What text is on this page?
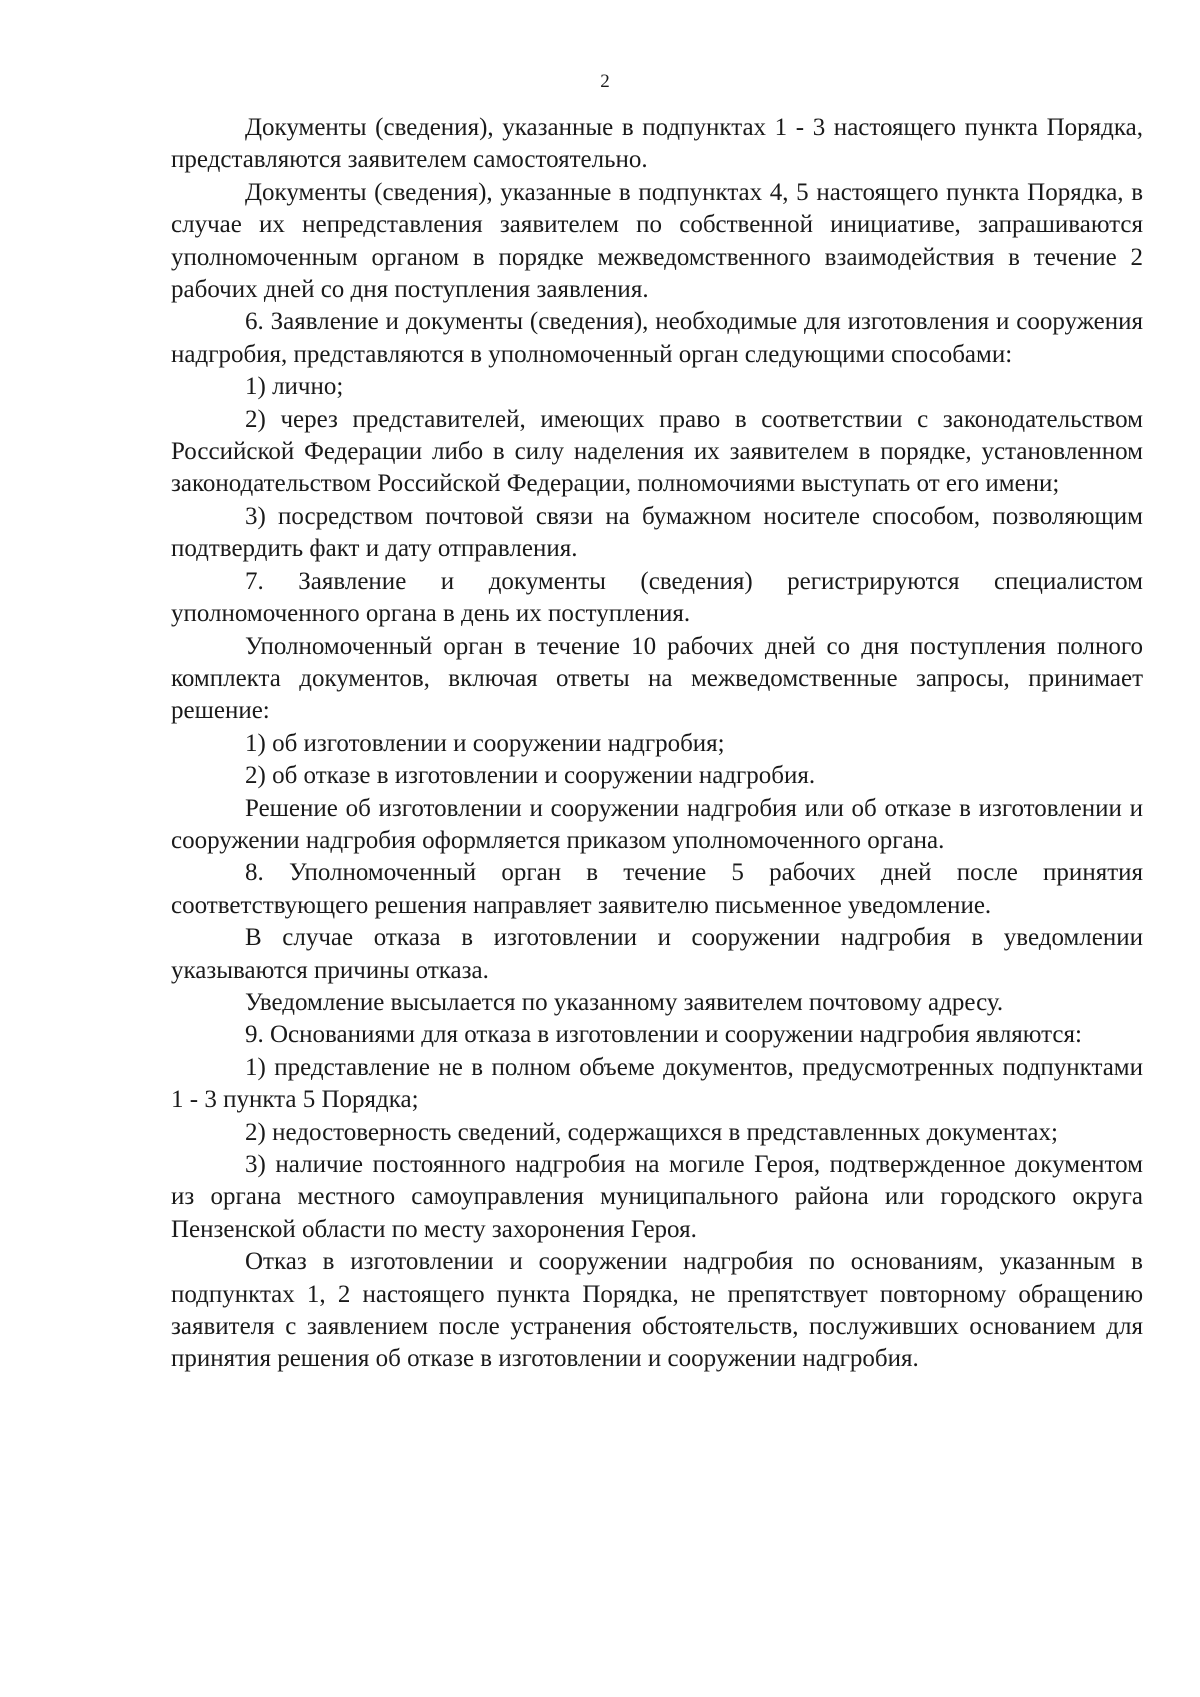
2

Документы (сведения), указанные в подпунктах 1 - 3 настоящего пункта Порядка, представляются заявителем самостоятельно.

Документы (сведения), указанные в подпунктах 4, 5 настоящего пункта Порядка, в случае их непредставления заявителем по собственной инициативе, запрашиваются уполномоченным органом в порядке межведомственного взаимодействия в течение 2 рабочих дней со дня поступления заявления.

6. Заявление и документы (сведения), необходимые для изготовления и сооружения надгробия, представляются в уполномоченный орган следующими способами:

1) лично;

2) через представителей, имеющих право в соответствии с законодательством Российской Федерации либо в силу наделения их заявителем в порядке, установленном законодательством Российской Федерации, полномочиями выступать от его имени;

3) посредством почтовой связи на бумажном носителе способом, позволяющим подтвердить факт и дату отправления.

7. Заявление и документы (сведения) регистрируются специалистом уполномоченного органа в день их поступления.

Уполномоченный орган в течение 10 рабочих дней со дня поступления полного комплекта документов, включая ответы на межведомственные запросы, принимает решение:

1) об изготовлении и сооружении надгробия;

2) об отказе в изготовлении и сооружении надгробия.

Решение об изготовлении и сооружении надгробия или об отказе в изготовлении и сооружении надгробия оформляется приказом уполномоченного органа.

8. Уполномоченный орган в течение 5 рабочих дней после принятия соответствующего решения направляет заявителю письменное уведомление.

В случае отказа в изготовлении и сооружении надгробия в уведомлении указываются причины отказа.

Уведомление высылается по указанному заявителем почтовому адресу.

9. Основаниями для отказа в изготовлении и сооружении надгробия являются:

1) представление не в полном объеме документов, предусмотренных подпунктами 1 - 3 пункта 5 Порядка;

2) недостоверность сведений, содержащихся в представленных документах;

3) наличие постоянного надгробия на могиле Героя, подтвержденное документом из органа местного самоуправления муниципального района или городского округа Пензенской области по месту захоронения Героя.

Отказ в изготовлении и сооружении надгробия по основаниям, указанным в подпунктах 1, 2 настоящего пункта Порядка, не препятствует повторному обращению заявителя с заявлением после устранения обстоятельств, послуживших основанием для принятия решения об отказе в изготовлении и сооружении надгробия.
